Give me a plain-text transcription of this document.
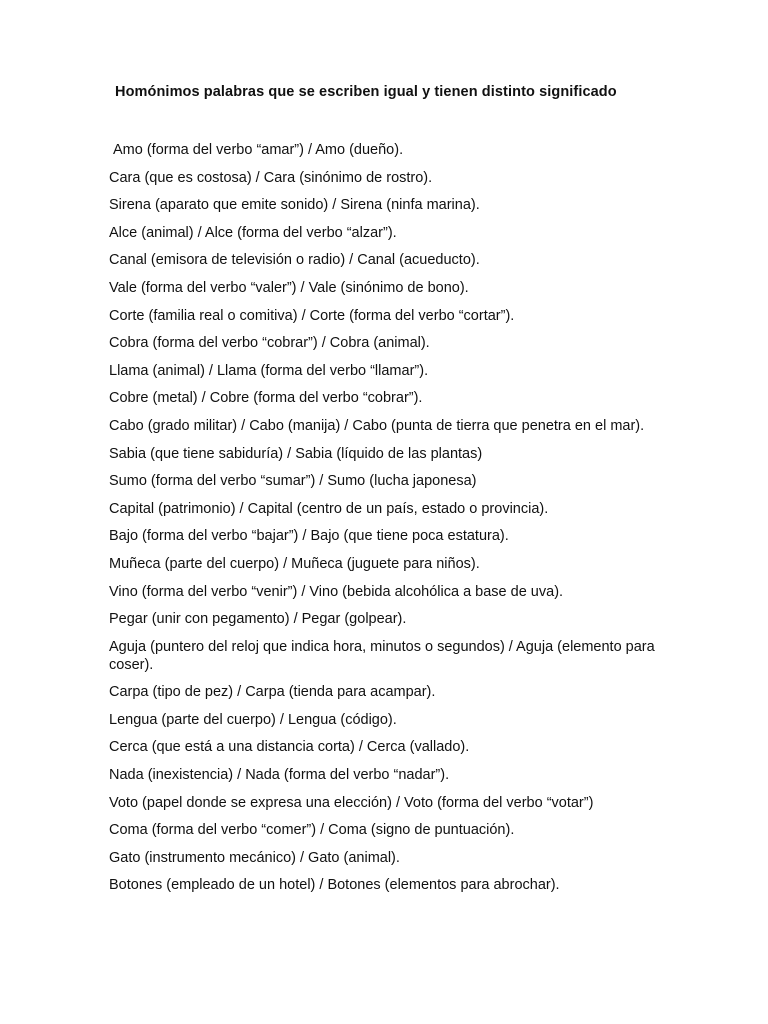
Homónimos palabras que se escriben igual y tienen distinto significado
Amo (forma del verbo “amar”) / Amo (dueño).
Cara (que es costosa) / Cara (sinónimo de rostro).
Sirena (aparato que emite sonido) / Sirena (ninfa marina).
Alce (animal) / Alce (forma del verbo “alzar”).
Canal (emisora de televisión o radio) / Canal (acueducto).
Vale (forma del verbo “valer”) / Vale (sinónimo de bono).
Corte (familia real o comitiva) / Corte (forma del verbo “cortar”).
Cobra (forma del verbo “cobrar”) / Cobra (animal).
Llama (animal) / Llama (forma del verbo “llamar”).
Cobre (metal) / Cobre (forma del verbo “cobrar”).
Cabo (grado militar) / Cabo (manija) / Cabo (punta de tierra que penetra en el mar).
Sabia (que tiene sabiduría) / Sabia (líquido de las plantas)
Sumo (forma del verbo “sumar”) / Sumo (lucha japonesa)
Capital (patrimonio) / Capital (centro de un país, estado o provincia).
Bajo (forma del verbo “bajar”) / Bajo (que tiene poca estatura).
Muñeca (parte del cuerpo) / Muñeca (juguete para niños).
Vino (forma del verbo “venir”) / Vino (bebida alcohólica a base de uva).
Pegar (unir con pegamento) / Pegar (golpear).
Aguja (puntero del reloj que indica hora, minutos o segundos) / Aguja (elemento para coser).
Carpa (tipo de pez) / Carpa (tienda para acampar).
Lengua (parte del cuerpo) / Lengua (código).
Cerca (que está a una distancia corta) / Cerca (vallado).
Nada (inexistencia) / Nada (forma del verbo “nadar”).
Voto (papel donde se expresa una elección) / Voto (forma del verbo “votar”)
Coma (forma del verbo “comer”) / Coma (signo de puntuación).
Gato (instrumento mecánico) / Gato (animal).
Botones (empleado de un hotel) / Botones (elementos para abrochar).
